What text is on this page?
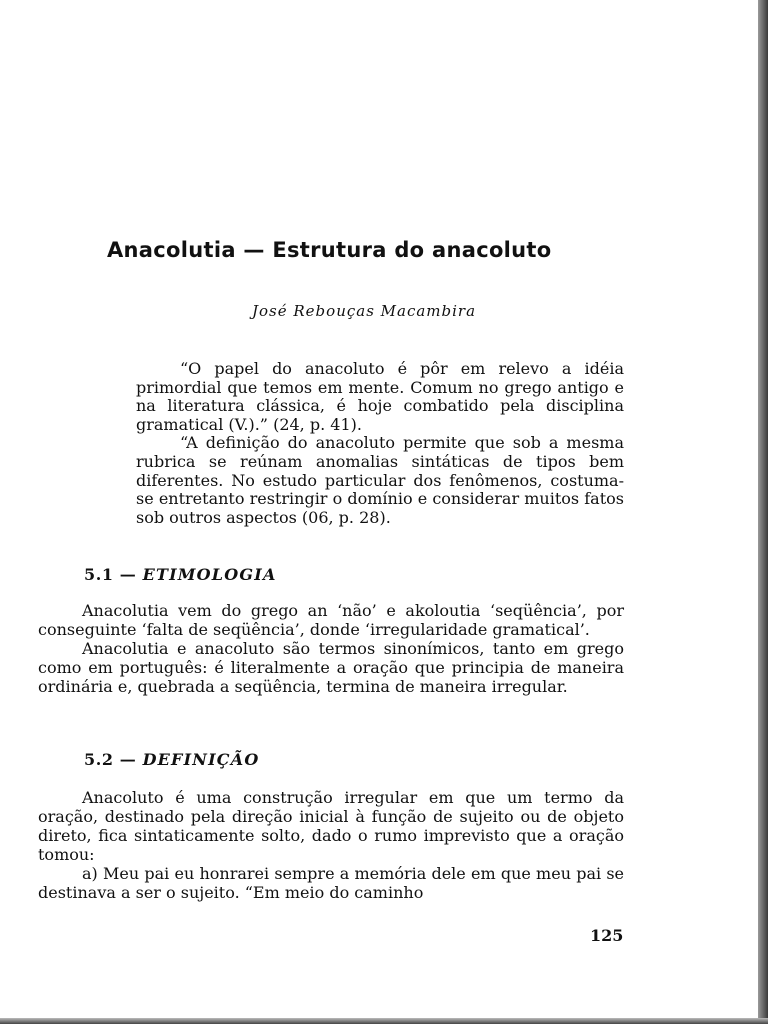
Anacolutia — Estrutura do anacoluto
José Rebouças Macambira

“O papel do anacoluto é pôr em relevo a idéia primordial que temos em mente. Comum no grego antigo e na literatura clássica, é hoje combatido pela disciplina gramatical (V.).” (24, p. 41).

“A definição do anacoluto permite que sob a mesma rubrica se reúnam anomalias sintáticas de tipos bem diferentes. No estudo particular dos fenômenos, costuma-se entretanto restringir o domínio e considerar muitos fatos sob outros aspectos (06, p. 28).

5.1 — ETIMOLOGIA

Anacolutia vem do grego an ‘não’ e akoloutia ‘seqüência’, por conseguinte ‘falta de seqüência’, donde ‘irregularidade gramatical’.

Anacolutia e anacoluto são termos sinonímicos, tanto em grego como em português: é literalmente a oração que principia de maneira ordinária e, quebrada a seqüência, termina de maneira irregular.

5.2 — DEFINIÇÃO

Anacoluto é uma construção irregular em que um termo da oração, destinado pela direção inicial à função de sujeito ou de objeto direto, fica sintaticamente solto, dado o rumo imprevisto que a oração tomou:

a) Meu pai eu honrarei sempre a memória dele em que meu pai se destinava a ser o sujeito. “Em meio do caminho

125
